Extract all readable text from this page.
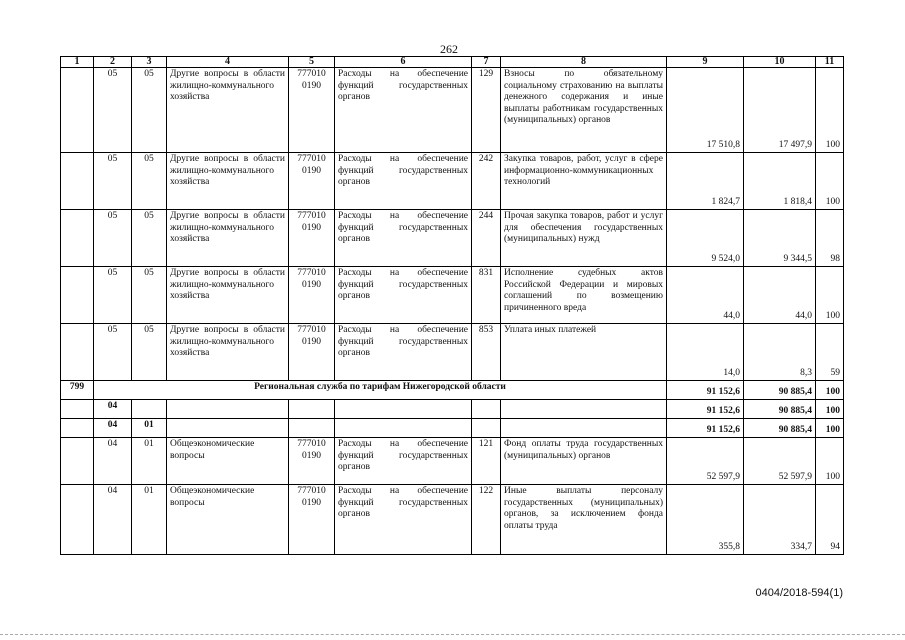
262
1	2	3	4	5	6	7	8	9	10	11
	05	05	Другие вопросы в области жилищно-коммунального хозяйства	777010 0190	Расходы на обеспечение функций государственных органов	129	Взносы по обязательному социальному страхованию на выплаты денежного содержания и иные выплаты работникам государственных (муниципальных) органов	17 510,8	17 497,9	100
	05	05	Другие вопросы в области жилищно-коммунального хозяйства	777010 0190	Расходы на обеспечение функций государственных органов	242	Закупка товаров, работ, услуг в сфере информационно-коммуникационных технологий	1 824,7	1 818,4	100
	05	05	Другие вопросы в области жилищно-коммунального хозяйства	777010 0190	Расходы на обеспечение функций государственных органов	244	Прочая закупка товаров, работ и услуг для обеспечения государственных (муниципальных) нужд	9 524,0	9 344,5	98
	05	05	Другие вопросы в области жилищно-коммунального хозяйства	777010 0190	Расходы на обеспечение функций государственных органов	831	Исполнение судебных актов Российской Федерации и мировых соглашений по возмещению причиненного вреда	44,0	44,0	100
	05	05	Другие вопросы в области жилищно-коммунального хозяйства	777010 0190	Расходы на обеспечение функций государственных органов	853	Уплата иных платежей	14,0	8,3	59
799	Региональная служба по тарифам Нижегородской области							91 152,6	90 885,4	100
	04							91 152,6	90 885,4	100
	04	01						91 152,6	90 885,4	100
	04	01	Общеэкономические вопросы	777010 0190	Расходы на обеспечение функций государственных органов	121	Фонд оплаты труда государственных (муниципальных) органов	52 597,9	52 597,9	100
	04	01	Общеэкономические вопросы	777010 0190	Расходы на обеспечение функций государственных органов	122	Иные выплаты персоналу государственных (муниципальных) органов, за исключением фонда оплаты труда	355,8	334,7	94
0404/2018-594(1)
